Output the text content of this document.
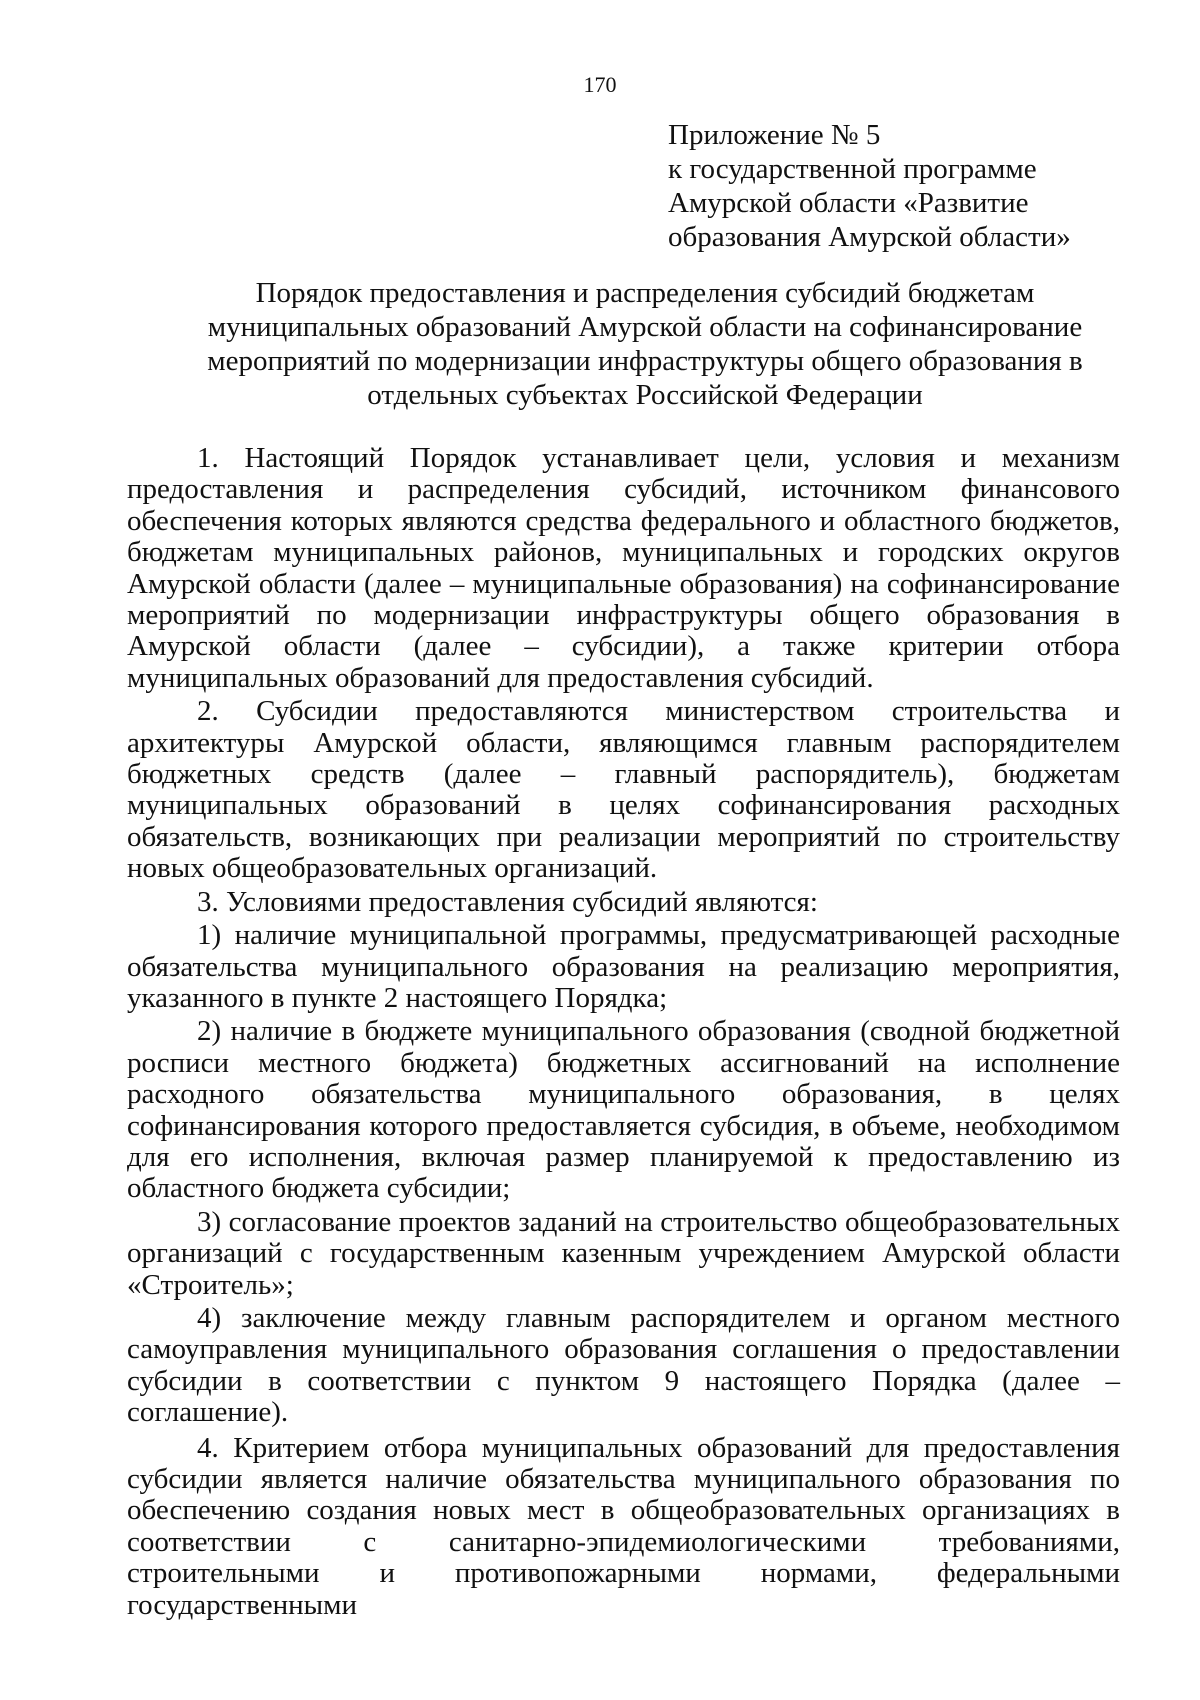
170
Приложение № 5
к государственной программе
Амурской области «Развитие
образования Амурской области»
Порядок предоставления и распределения субсидий бюджетам
муниципальных образований Амурской области на софинансирование
мероприятий по модернизации инфраструктуры общего образования в
отдельных субъектах Российской Федерации

1. Настоящий Порядок устанавливает цели, условия и механизм предоставления и распределения субсидий, источником финансового обеспечения которых являются средства федерального и областного бюджетов, бюджетам муниципальных районов, муниципальных и городских округов Амурской области (далее – муниципальные образования) на софинансирование мероприятий по модернизации инфраструктуры общего образования в Амурской области (далее – субсидии), а также критерии отбора муниципальных образований для предоставления субсидий.

2. Субсидии предоставляются министерством строительства и архитектуры Амурской области, являющимся главным распорядителем бюджетных средств (далее – главный распорядитель), бюджетам муниципальных образований в целях софинансирования расходных обязательств, возникающих при реализации мероприятий по строительству новых общеобразовательных организаций.

3. Условиями предоставления субсидий являются:

1) наличие муниципальной программы, предусматривающей расходные обязательства муниципального образования на реализацию мероприятия, указанного в пункте 2 настоящего Порядка;

2) наличие в бюджете муниципального образования (сводной бюджетной росписи местного бюджета) бюджетных ассигнований на исполнение расходного обязательства муниципального образования, в целях софинансирования которого предоставляется субсидия, в объеме, необходимом для его исполнения, включая размер планируемой к предоставлению из областного бюджета субсидии;

3) согласование проектов заданий на строительство общеобразовательных организаций с государственным казенным учреждением Амурской области «Строитель»;

4) заключение между главным распорядителем и органом местного самоуправления муниципального образования соглашения о предоставлении субсидии в соответствии с пунктом 9 настоящего Порядка (далее – соглашение).

4. Критерием отбора муниципальных образований для предоставления субсидии является наличие обязательства муниципального образования по обеспечению создания новых мест в общеобразовательных организациях в соответствии с санитарно-эпидемиологическими требованиями, строительными и противопожарными нормами, федеральными государственными
